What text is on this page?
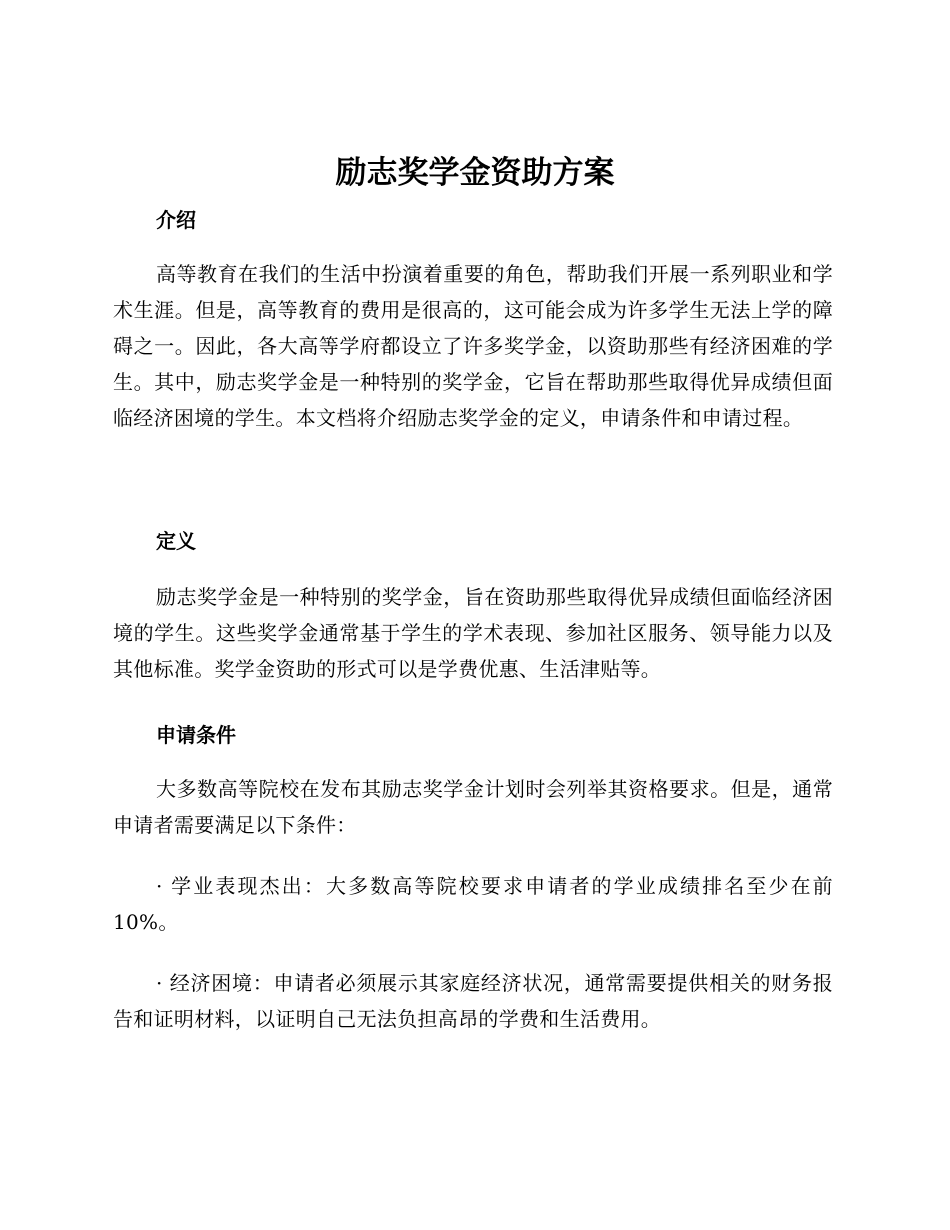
励志奖学金资助方案
介绍

高等教育在我们的生活中扮演着重要的角色，帮助我们开展一系列职业和学术生涯。但是，高等教育的费用是很高的，这可能会成为许多学生无法上学的障碍之一。因此，各大高等学府都设立了许多奖学金，以资助那些有经济困难的学生。其中，励志奖学金是一种特别的奖学金，它旨在帮助那些取得优异成绩但面临经济困境的学生。本文档将介绍励志奖学金的定义，申请条件和申请过程。

定义

励志奖学金是一种特别的奖学金，旨在资助那些取得优异成绩但面临经济困境的学生。这些奖学金通常基于学生的学术表现、参加社区服务、领导能力以及其他标准。奖学金资助的形式可以是学费优惠、生活津贴等。

申请条件

大多数高等院校在发布其励志奖学金计划时会列举其资格要求。但是，通常申请者需要满足以下条件：

· 学业表现杰出：大多数高等院校要求申请者的学业成绩排名至少在前10%。

· 经济困境：申请者必须展示其家庭经济状况，通常需要提供相关的财务报告和证明材料，以证明自己无法负担高昂的学费和生活费用。
